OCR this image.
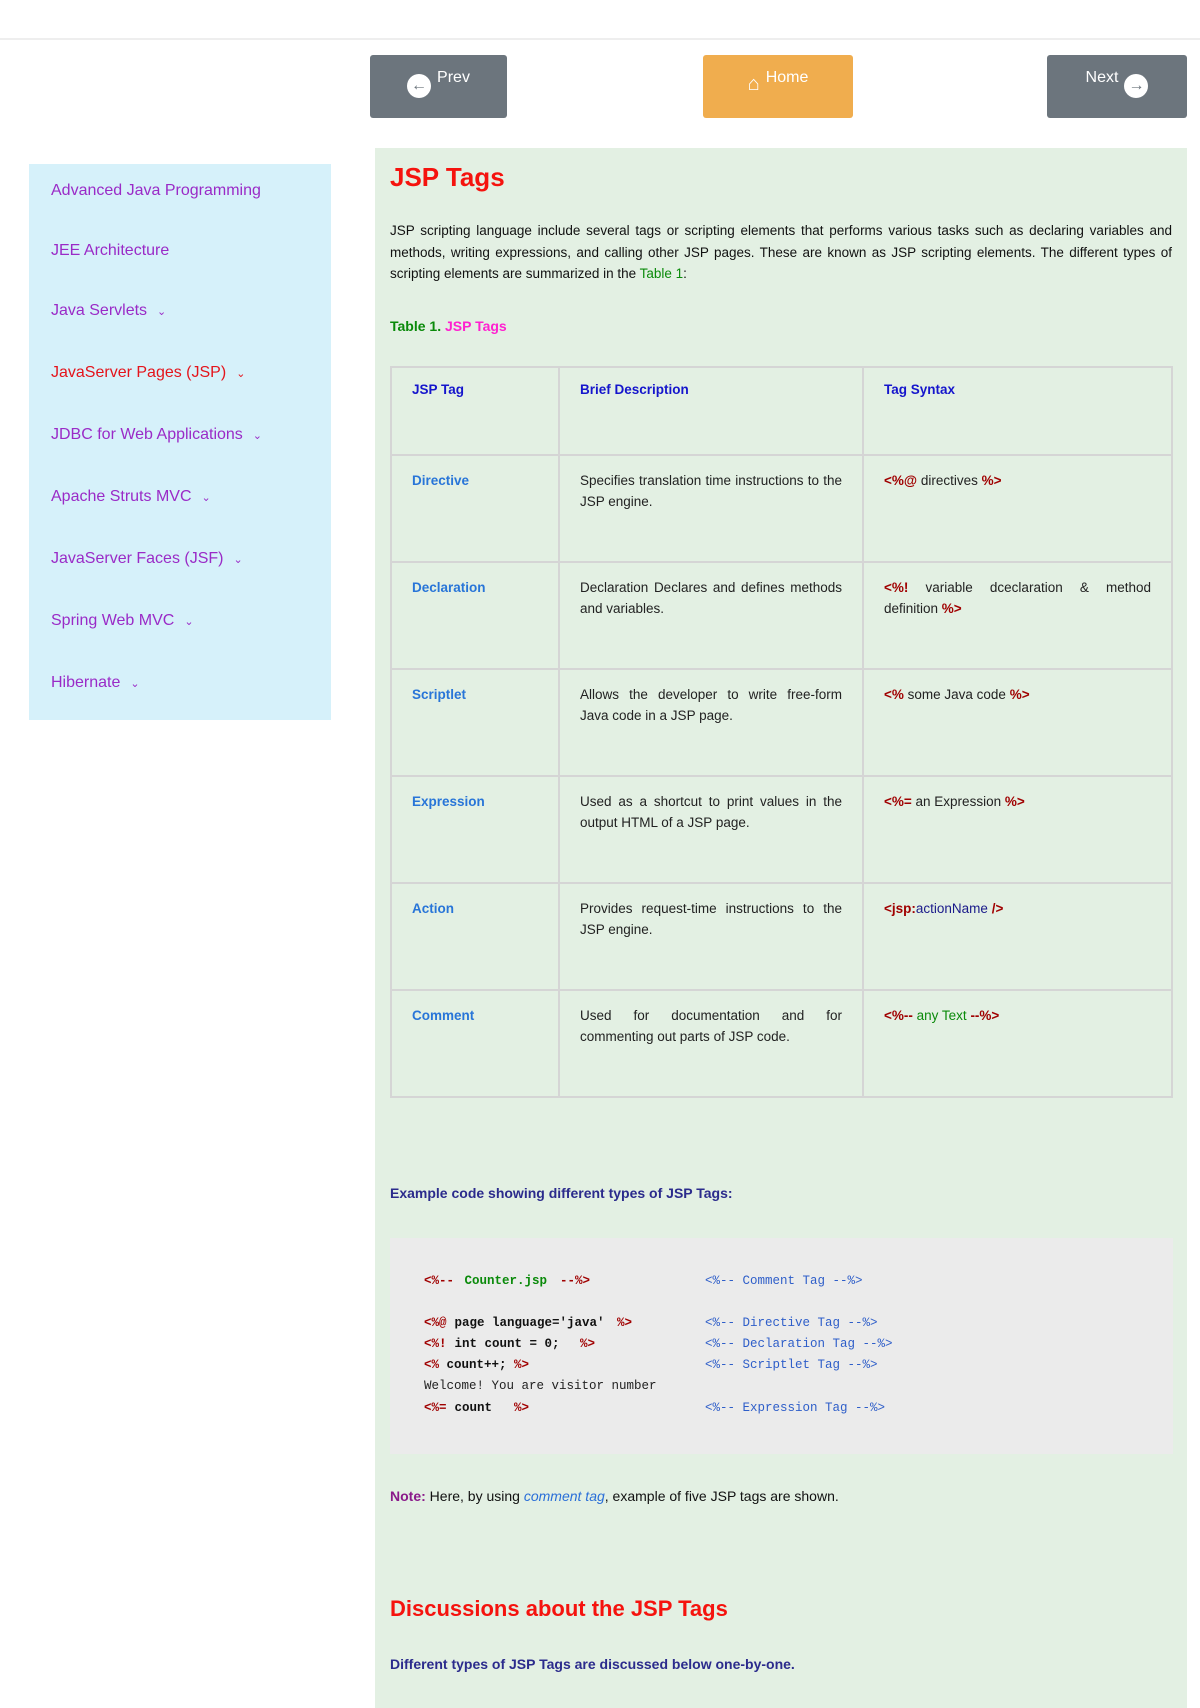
← Prev	⌂ Home	Next →
Advanced Java Programming
JEE Architecture
Java Servlets ⌄
JavaServer Pages (JSP) ⌄
JDBC for Web Applications ⌄
Apache Struts MVC ⌄
JavaServer Faces (JSF) ⌄
Spring Web MVC ⌄
Hibernate ⌄
JSP Tags

JSP scripting language include several tags or scripting elements that performs various tasks such as declaring variables and methods, writing expressions, and calling other JSP pages. These are known as JSP scripting elements. The different types of scripting elements are summarized in the Table 1:

Table 1. JSP Tags

JSP Tag	Brief Description	Tag Syntax
Directive	Specifies translation time instructions to the JSP engine.	<%@ directives %>
Declaration	Declaration Declares and defines methods and variables.	<%! variable dceclaration & method definition %>
Scriptlet	Allows the developer to write free-form Java code in a JSP page.	<% some Java code %>
Expression	Used as a shortcut to print values in the output HTML of a JSP page.	<%= an Expression %>
Action	Provides request-time instructions to the JSP engine.	<jsp:actionName />
Comment	Used for documentation and for commenting out parts of JSP code.	<%-- any Text --%>

Example code showing different types of JSP Tags:

<%-- Counter.jsp --%>	<%-- Comment Tag --%>
<%@ page language='java' %>	<%-- Directive Tag --%>
<%! int count = 0; %>	<%-- Declaration Tag --%>
<% count++; %>	<%-- Scriptlet Tag --%>
Welcome! You are visitor number
<%= count %>	<%-- Expression Tag --%>

Note: Here, by using comment tag, example of five JSP tags are shown.

Discussions about the JSP Tags

Different types of JSP Tags are discussed below one-by-one.
